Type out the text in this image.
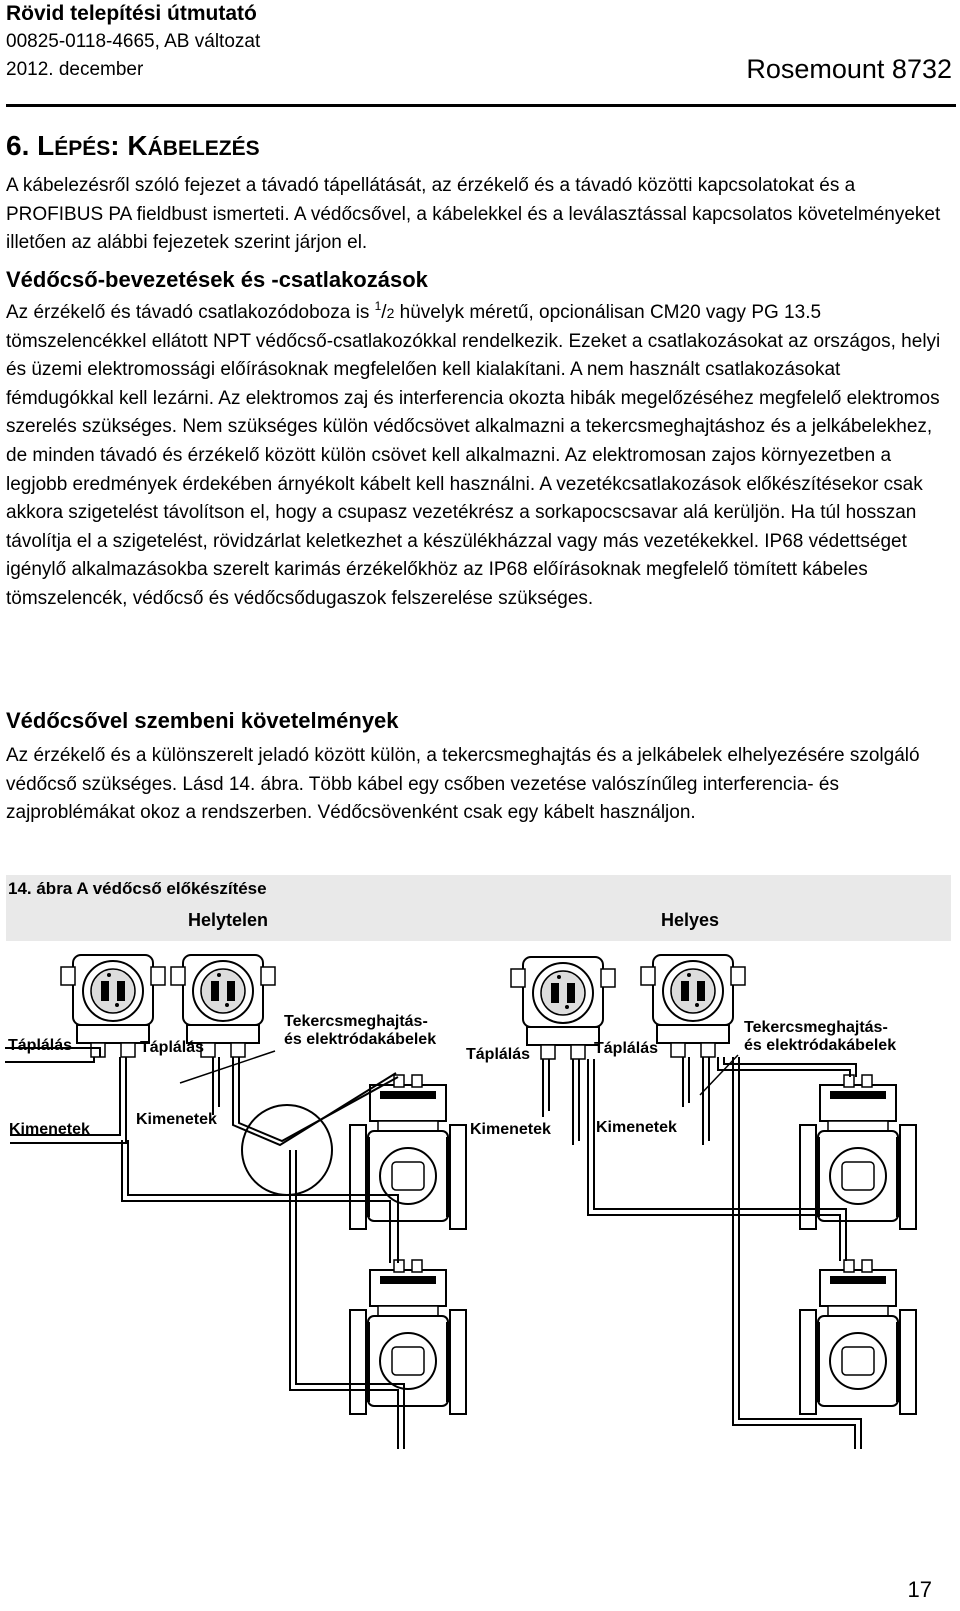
Rövid telepítési útmutató
00825-0118-4665, AB változat
2012. december	Rosemount 8732
6. LÉPÉS: KÁBELEZÉS

A kábelezésről szóló fejezet a távadó tápellátását, az érzékelő és a távadó közötti kapcsolatokat és a PROFIBUS PA fieldbust ismerteti. A védőcsővel, a kábelekkel és a leválasztással kapcsolatos követelményeket illetően az alábbi fejezetek szerint járjon el.

Védőcső-bevezetések és -csatlakozások

Az érzékelő és távadó csatlakozódoboza is $^1$/2 hüvelyk méretű, opcionálisan CM20 vagy PG 13.5 tömszelencékkel ellátott NPT védőcső-csatlakozókkal rendelkezik. Ezeket a csatlakozásokat az országos, helyi és üzemi elektromossági előírásoknak megfelelően kell kialakítani. A nem használt csatlakozásokat fémdugókkal kell lezárni. Az elektromos zaj és interferencia okozta hibák megelőzéséhez megfelelő elektromos szerelés szükséges. Nem szükséges külön védőcsövet alkalmazni a tekercsmeghajtáshoz és a jelkábelekhez, de minden távadó és érzékelő között külön csövet kell alkalmazni. Az elektromosan zajos környezetben a legjobb eredmények érdekében árnyékolt kábelt kell használni. A vezetékcsatlakozások előkészítésekor csak akkora szigetelést távolítson el, hogy a csupasz vezetékrész a sorkapocscsavar alá kerüljön. Ha túl hosszan távolítja el a szigetelést, rövidzárlat keletkezhet a készülékházzal vagy más vezetékekkel. IP68 védettséget igénylő alkalmazásokba szerelt karimás érzékelőkhöz az IP68 előírásoknak megfelelő tömített kábeles tömszelencék, védőcső és védőcsődugaszok felszerelése szükséges.

Védőcsővel szembeni követelmények

Az érzékelő és a különszerelt jeladó között külön, a tekercsmeghajtás és a jelkábelek elhelyezésére szolgáló védőcső szükséges. Lásd 14. ábra. Több kábel egy csőben vezetése valószínűleg interferencia- és zajproblémákat okoz a rendszerben. Védőcsövenként csak egy kábelt használjon.

14. ábra A védőcső előkészítése
Helytelen	Helyes
Táplálás	Táplálás
Tekercsmeghajtás-
és elektródakábelek
Kimenetek
Kimenetek
Táplálás	Táplálás
Tekercsmeghajtás-
és elektródakábelek
Kimenetek	Kimenetek
17
